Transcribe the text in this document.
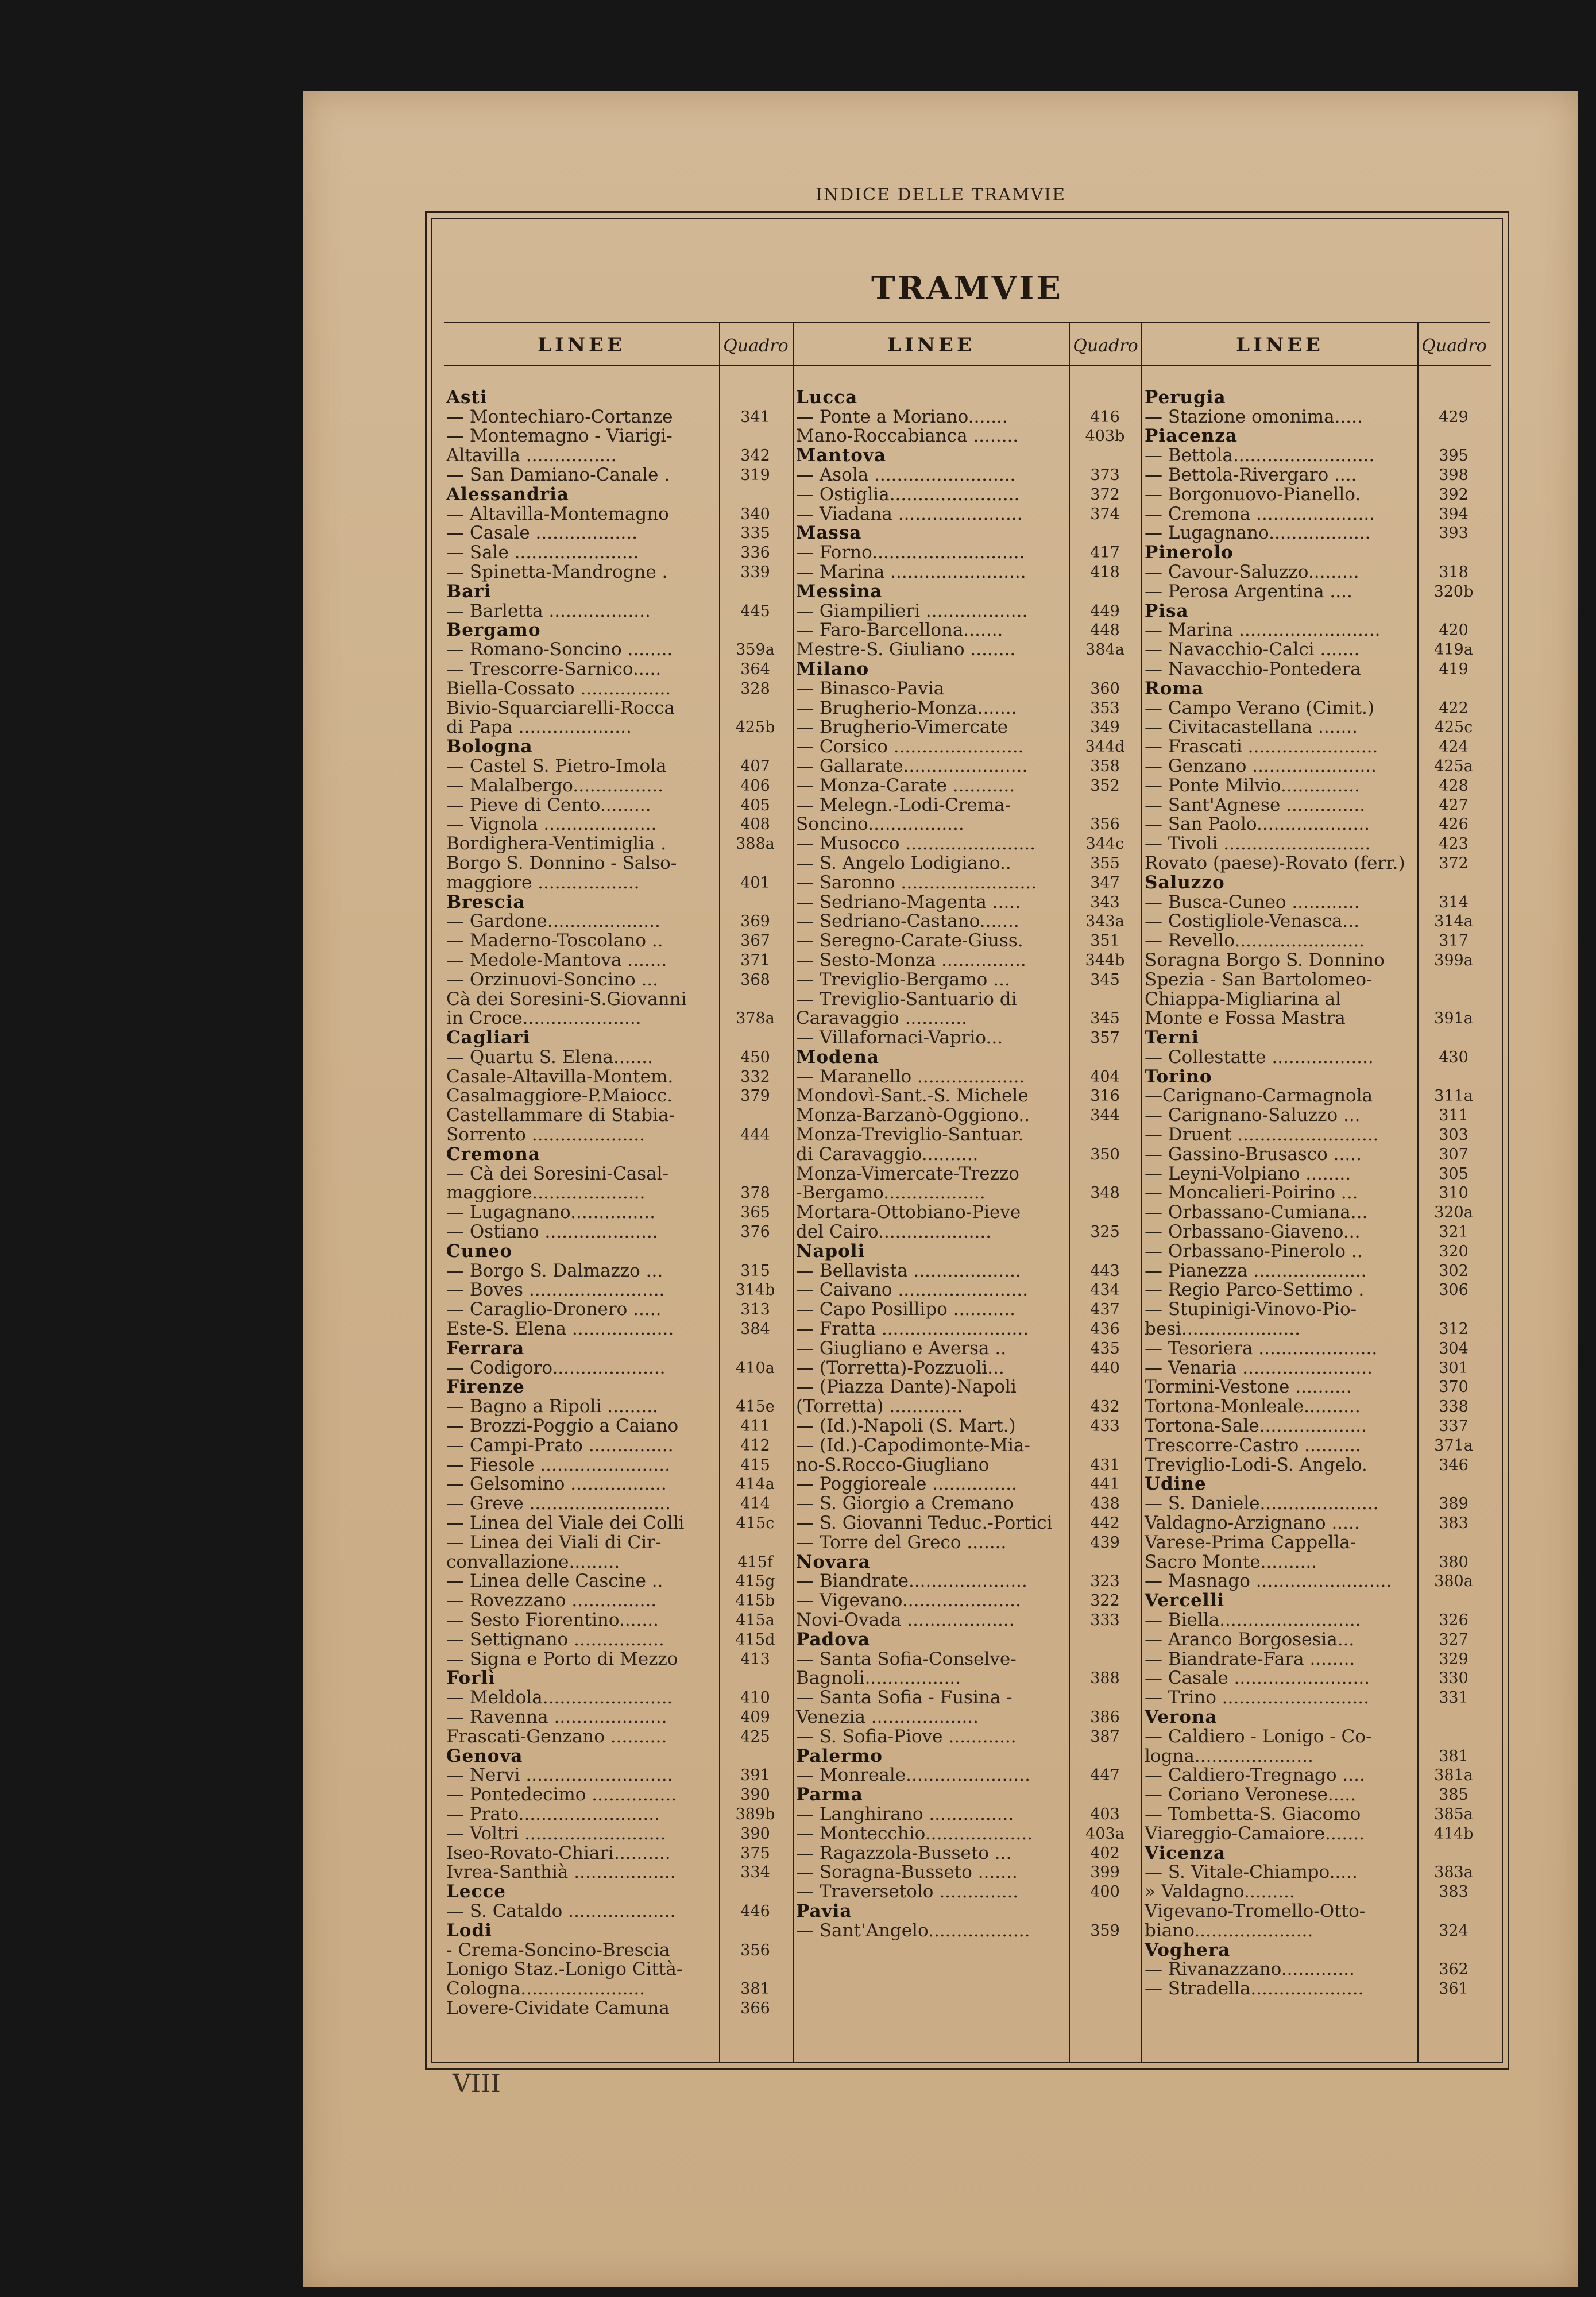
INDICE DELLE TRAMVIE
TRAMVIE
LINEE	Quadro
Asti
— Montechiaro-Cortanze	341
— Montemagno - Viarigi-
Altavilla ................	342
— San Damiano-Canale .	319
Alessandria
— Altavilla-Montemagno	340
— Casale ..................	335
— Sale ......................	336
— Spinetta-Mandrogne .	339
Bari
— Barletta ..................	445
Bergamo
— Romano-Soncino ........	359a
— Trescorre-Sarnico.....	364
Biella-Cossato ................	328
Bivio-Squarciarelli-Rocca
di Papa ....................	425b
Bologna
— Castel S. Pietro-Imola	407
— Malalbergo................	406
— Pieve di Cento.........	405
— Vignola ....................	408
Bordighera-Ventimiglia .	388a
Borgo S. Donnino - Salso-
maggiore ..................	401
Brescia
— Gardone....................	369
— Maderno-Toscolano ..	367
— Medole-Mantova .......	371
— Orzinuovi-Soncino ...	368
Cà dei Soresini-S.Giovanni
in Croce.....................	378a
Cagliari
— Quartu S. Elena.......	450
Casale-Altavilla-Montem.	332
Casalmaggiore-P.Maiocc.	379
Castellammare di Stabia-
Sorrento ....................	444
Cremona
— Cà dei Soresini-Casal-
maggiore....................	378
— Lugagnano...............	365
— Ostiano ....................	376
Cuneo
— Borgo S. Dalmazzo ...	315
— Boves ........................	314b
— Caraglio-Dronero .....	313
Este-S. Elena ..................	384
Ferrara
— Codigoro....................	410a
Firenze
— Bagno a Ripoli .........	415e
— Brozzi-Poggio a Caiano	411
— Campi-Prato ...............	412
— Fiesole .......................	415
— Gelsomino .................	414a
— Greve .........................	414
— Linea del Viale dei Colli	415c
— Linea dei Viali di Cir-
convallazione.........	415f
— Linea delle Cascine ..	415g
— Rovezzano ...............	415b
— Sesto Fiorentino.......	415a
— Settignano ................	415d
— Signa e Porto di Mezzo	413
Forlì
— Meldola.......................	410
— Ravenna ....................	409
Frascati-Genzano ..........	425
Genova
— Nervi ..........................	391
— Pontedecimo ...............	390
— Prato.........................	389b
— Voltri .........................	390
Iseo-Rovato-Chiari..........	375
Ivrea-Santhià ..................	334
Lecce
— S. Cataldo ...................	446
Lodi
- Crema-Soncino-Brescia	356
Lonigo Staz.-Lonigo Città-
Cologna......................	381
Lovere-Cividate Camuna	366
LINEE	Quadro
Lucca
— Ponte a Moriano.......	416
Mano-Roccabianca ........	403b
Mantova
— Asola .........................	373
— Ostiglia.......................	372
— Viadana ......................	374
Massa
— Forno...........................	417
— Marina ........................	418
Messina
— Giampilieri ..................	449
— Faro-Barcellona.......	448
Mestre-S. Giuliano ........	384a
Milano
— Binasco-Pavia	360
— Brugherio-Monza.......	353
— Brugherio-Vimercate	349
— Corsico .......................	344d
— Gallarate......................	358
— Monza-Carate ...........	352
— Melegn.-Lodi-Crema-
Soncino.................	356
— Musocco .......................	344c
— S. Angelo Lodigiano..	355
— Saronno ........................	347
— Sedriano-Magenta .....	343
— Sedriano-Castano.......	343a
— Seregno-Carate-Giuss.	351
— Sesto-Monza ...............	344b
— Treviglio-Bergamo ...	345
— Treviglio-Santuario di
Caravaggio ...........	345
— Villafornaci-Vaprio...	357
Modena
— Maranello ...................	404
Mondovì-Sant.-S. Michele	316
Monza-Barzanò-Oggiono..	344
Monza-Treviglio-Santuar.
di Caravaggio..........	350
Monza-Vimercate-Trezzo
-Bergamo..................	348
Mortara-Ottobiano-Pieve
del Cairo....................	325
Napoli
— Bellavista ...................	443
— Caivano .......................	434
— Capo Posillipo ...........	437
— Fratta ..........................	436
— Giugliano e Aversa ..	435
— (Torretta)-Pozzuoli...	440
— (Piazza Dante)-Napoli
(Torretta) .............	432
— (Id.)-Napoli (S. Mart.)	433
— (Id.)-Capodimonte-Mia-
no-S.Rocco-Giugliano	431
— Poggioreale ...............	441
— S. Giorgio a Cremano	438
— S. Giovanni Teduc.-Portici	442
— Torre del Greco .......	439
Novara
— Biandrate.....................	323
— Vigevano.....................	322
Novi-Ovada ...................	333
Padova
— Santa Sofia-Conselve-
Bagnoli.................	388
— Santa Sofia - Fusina -
Venezia ...................	386
— S. Sofia-Piove ............	387
Palermo
— Monreale......................	447
Parma
— Langhirano ...............	403
— Montecchio...................	403a
— Ragazzola-Busseto ...	402
— Soragna-Busseto .......	399
— Traversetolo ..............	400
Pavia
— Sant'Angelo..................	359
LINEE	Quadro
Perugia
— Stazione omonima.....	429
Piacenza
— Bettola.........................	395
— Bettola-Rivergaro ....	398
— Borgonuovo-Pianello.	392
— Cremona .....................	394
— Lugagnano..................	393
Pinerolo
— Cavour-Saluzzo.........	318
— Perosa Argentina ....	320b
Pisa
— Marina .........................	420
— Navacchio-Calci .......	419a
— Navacchio-Pontedera	419
Roma
— Campo Verano (Cimit.)	422
— Civitacastellana .......	425c
— Frascati .......................	424
— Genzano ......................	425a
— Ponte Milvio..............	428
— Sant'Agnese ..............	427
— San Paolo....................	426
— Tivoli ..........................	423
Rovato (paese)-Rovato (ferr.)	372
Saluzzo
— Busca-Cuneo ............	314
— Costigliole-Venasca...	314a
— Revello.......................	317
Soragna Borgo S. Donnino	399a
Spezia - San Bartolomeo-
Chiappa-Migliarina al
Monte e Fossa Mastra	391a
Terni
— Collestatte ..................	430
Torino
—Carignano-Carmagnola	311a
— Carignano-Saluzzo ...	311
— Druent .........................	303
— Gassino-Brusasco .....	307
— Leyni-Volpiano ........	305
— Moncalieri-Poirino ...	310
— Orbassano-Cumiana...	320a
— Orbassano-Giaveno...	321
— Orbassano-Pinerolo ..	320
— Pianezza ....................	302
— Regio Parco-Settimo .	306
— Stupinigi-Vinovo-Pio-
besi.....................	312
— Tesoriera .....................	304
— Venaria .......................	301
Tormini-Vestone ..........	370
Tortona-Monleale..........	338
Tortona-Sale...................	337
Trescorre-Castro ..........	371a
Treviglio-Lodi-S. Angelo.	346
Udine
— S. Daniele.....................	389
Valdagno-Arzignano .....	383
Varese-Prima Cappella-
Sacro Monte..........	380
— Masnago ........................	380a
Vercelli
— Biella.........................	326
— Aranco Borgosesia...	327
— Biandrate-Fara ........	329
— Casale ........................	330
— Trino ..........................	331
Verona
— Caldiero - Lonigo - Co-
logna.....................	381
— Caldiero-Tregnago ....	381a
— Coriano Veronese.....	385
— Tombetta-S. Giacomo	385a
Viareggio-Camaiore.......	414b
Vicenza
— S. Vitale-Chiampo.....	383a
» Valdagno.........	383
Vigevano-Tromello-Otto-
biano.....................	324
Voghera
— Rivanazzano.............	362
— Stradella....................	361
VIII
